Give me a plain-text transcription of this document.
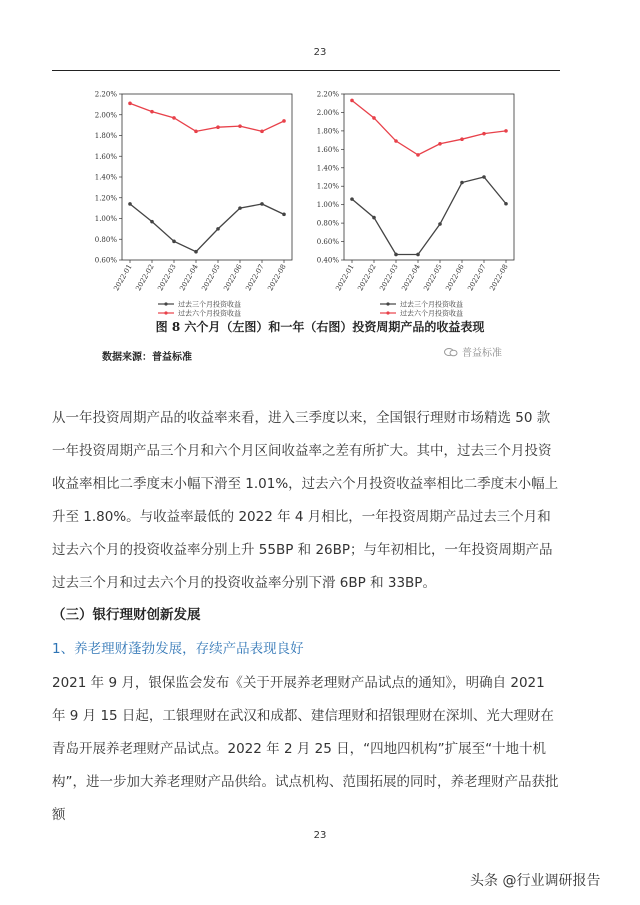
23
2.20%
2.00%
1.80%
1.60%
1.40%
1.20%
1.00%
0.80%
0.60%
2022-01 2022-02 2022-03 2022-04 2022-05 2022-06 2022-07 2022-08
过去三个月投资收益
过去六个月投资收益
2.20%
2.00%
1.80%
1.60%
1.40%
1.20%
1.00%
0.80%
0.60%
0.40%
2022-01 2022-02 2022-03 2022-04 2022-05 2022-06 2022-07 2022-08
过去三个月投资收益
过去六个月投资收益
图 8 六个月（左图）和一年（右图）投资周期产品的收益表现
数据来源：普益标准	普益标准
从一年投资周期产品的收益率来看，进入三季度以来，全国银行理财市场精选 50 款一年投资周期产品三个月和六个月区间收益率之差有所扩大。其中，过去三个月投资收益率相比二季度末小幅下滑至 1.01%，过去六个月投资收益率相比二季度末小幅上升至 1.80%。与收益率最低的 2022 年 4 月相比，一年投资周期产品过去三个月和过去六个月的投资收益率分别上升 55BP 和 26BP；与年初相比，一年投资周期产品过去三个月和过去六个月的投资收益率分别下滑 6BP 和 33BP。
（三）银行理财创新发展
1、养老理财蓬勃发展，存续产品表现良好
2021 年 9 月，银保监会发布《关于开展养老理财产品试点的通知》，明确自 2021 年 9 月 15 日起，工银理财在武汉和成都、建信理财和招银理财在深圳、光大理财在青岛开展养老理财产品试点。2022 年 2 月 25 日，“四地四机构”扩展至“十地十机构”，进一步加大养老理财产品供给。试点机构、范围拓展的同时，养老理财产品获批额
23
头条 @行业调研报告
